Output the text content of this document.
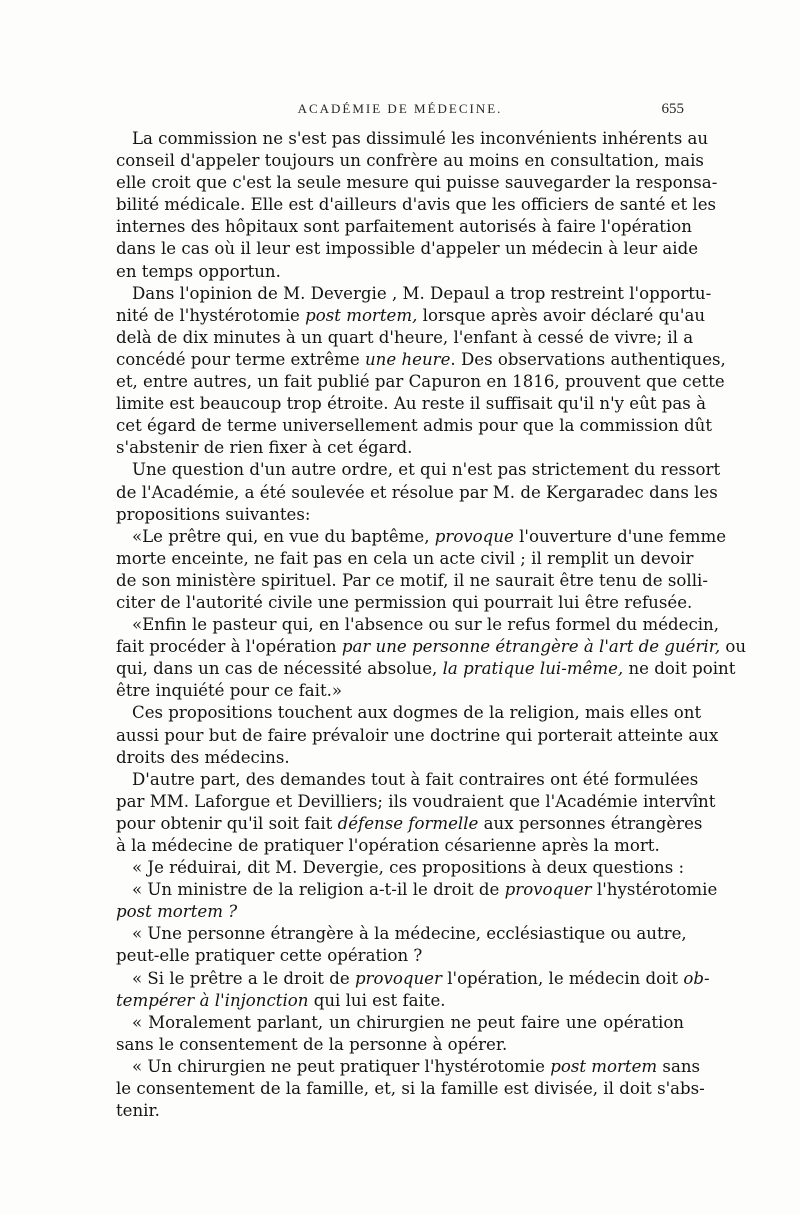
ACADÉMIE DE MÉDECINE.	655
La commission ne s'est pas dissimulé les inconvénients inhérents au
conseil d'appeler toujours un confrère au moins en consultation, mais
elle croit que c'est la seule mesure qui puisse sauvegarder la responsa-
bilité médicale. Elle est d'ailleurs d'avis que les officiers de santé et les
internes des hôpitaux sont parfaitement autorisés à faire l'opération
dans le cas où il leur est impossible d'appeler un médecin à leur aide
en temps opportun.
Dans l'opinion de M. Devergie , M. Depaul a trop restreint l'opportu-
nité de l'hystérotomie post mortem, lorsque après avoir déclaré qu'au
delà de dix minutes à un quart d'heure, l'enfant à cessé de vivre; il a
concédé pour terme extrême une heure. Des observations authentiques,
et, entre autres, un fait publié par Capuron en 1816, prouvent que cette
limite est beaucoup trop étroite. Au reste il suffisait qu'il n'y eût pas à
cet égard de terme universellement admis pour que la commission dût
s'abstenir de rien fixer à cet égard.
Une question d'un autre ordre, et qui n'est pas strictement du ressort
de l'Académie, a été soulevée et résolue par M. de Kergaradec dans les
propositions suivantes:
«Le prêtre qui, en vue du baptême, provoque l'ouverture d'une femme
morte enceinte, ne fait pas en cela un acte civil ; il remplit un devoir
de son ministère spirituel. Par ce motif, il ne saurait être tenu de solli-
citer de l'autorité civile une permission qui pourrait lui être refusée.
«Enfin le pasteur qui, en l'absence ou sur le refus formel du médecin,
fait procéder à l'opération par une personne étrangère à l'art de guérir, ou
qui, dans un cas de nécessité absolue, la pratique lui-même, ne doit point
être inquiété pour ce fait.»
Ces propositions touchent aux dogmes de la religion, mais elles ont
aussi pour but de faire prévaloir une doctrine qui porterait atteinte aux
droits des médecins.
D'autre part, des demandes tout à fait contraires ont été formulées
par MM. Laforgue et Devilliers; ils voudraient que l'Académie intervînt
pour obtenir qu'il soit fait défense formelle aux personnes étrangères
à la médecine de pratiquer l'opération césarienne après la mort.
« Je réduirai, dit M. Devergie, ces propositions à deux questions :
« Un ministre de la religion a-t-il le droit de provoquer l'hystérotomie
post mortem ?
« Une personne étrangère à la médecine, ecclésiastique ou autre,
peut-elle pratiquer cette opération ?
« Si le prêtre a le droit de provoquer l'opération, le médecin doit ob-
tempérer à l'injonction qui lui est faite.
« Moralement parlant, un chirurgien ne peut faire une opération
sans le consentement de la personne à opérer.
« Un chirurgien ne peut pratiquer l'hystérotomie post mortem sans
le consentement de la famille, et, si la famille est divisée, il doit s'abs-
tenir.
